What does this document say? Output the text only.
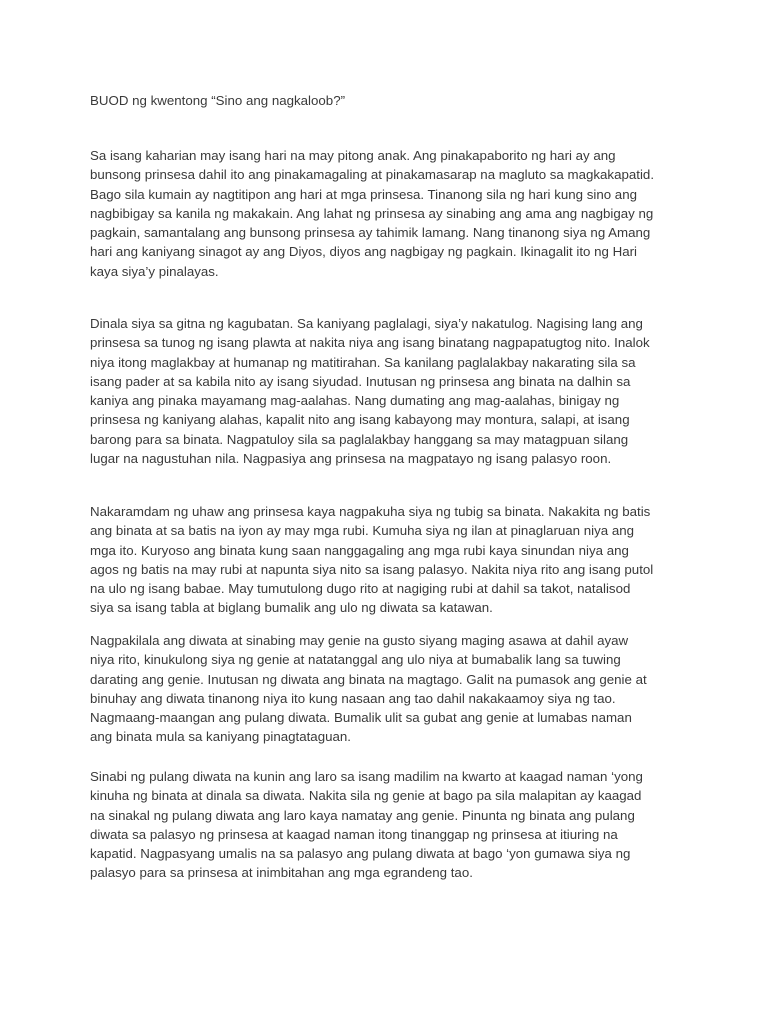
BUOD ng kwentong “Sino ang nagkaloob?”

Sa isang kaharian may isang hari na may pitong anak. Ang pinakapaborito ng hari ay ang
bunsong prinsesa dahil ito ang pinakamagaling at pinakamasarap na magluto sa magkakapatid.
Bago sila kumain ay nagtitipon ang hari at mga prinsesa. Tinanong sila ng hari kung sino ang
nagbibigay sa kanila ng makakain. Ang lahat ng prinsesa ay sinabing ang ama ang nagbigay ng
pagkain, samantalang ang bunsong prinsesa ay tahimik lamang. Nang tinanong siya ng Amang
hari ang kaniyang sinagot ay ang Diyos, diyos ang nagbigay ng pagkain. Ikinagalit ito ng Hari
kaya siya’y pinalayas.
Dinala siya sa gitna ng kagubatan. Sa kaniyang paglalagi, siya’y nakatulog. Nagising lang ang
prinsesa sa tunog ng isang plawta at nakita niya ang isang binatang nagpapatugtog nito. Inalok
niya itong maglakbay at humanap ng matitirahan. Sa kanilang paglalakbay nakarating sila sa
isang pader at sa kabila nito ay isang siyudad. Inutusan ng prinsesa ang binata na dalhin sa
kaniya ang pinaka mayamang mag-aalahas. Nang dumating ang mag-aalahas, binigay ng
prinsesa ng kaniyang alahas, kapalit nito ang isang kabayong may montura, salapi, at isang
barong para sa binata. Nagpatuloy sila sa paglalakbay hanggang sa may matagpuan silang
lugar na nagustuhan nila. Nagpasiya ang prinsesa na magpatayo ng isang palasyo roon.
Nakaramdam ng uhaw ang prinsesa kaya nagpakuha siya ng tubig sa binata. Nakakita ng batis
ang binata at sa batis na iyon ay may mga rubi. Kumuha siya ng ilan at pinaglaruan niya ang
mga ito. Kuryoso ang binata kung saan nanggagaling ang mga rubi kaya sinundan niya ang
agos ng batis na may rubi at napunta siya nito sa isang palasyo. Nakita niya rito ang isang putol
na ulo ng isang babae. May tumutulong dugo rito at nagiging rubi at dahil sa takot, natalisod
siya sa isang tabla at biglang bumalik ang ulo ng diwata sa katawan.
Nagpakilala ang diwata at sinabing may genie na gusto siyang maging asawa at dahil ayaw
niya rito, kinukulong siya ng genie at natatanggal ang ulo niya at bumabalik lang sa tuwing
darating ang genie. Inutusan ng diwata ang binata na magtago. Galit na pumasok ang genie at
binuhay ang diwata tinanong niya ito kung nasaan ang tao dahil nakakaamoy siya ng tao.
Nagmaang-maangan ang pulang diwata. Bumalik ulit sa gubat ang genie at lumabas naman
ang binata mula sa kaniyang pinagtataguan.
Sinabi ng pulang diwata na kunin ang laro sa isang madilim na kwarto at kaagad naman ‘yong
kinuha ng binata at dinala sa diwata. Nakita sila ng genie at bago pa sila malapitan ay kaagad
na sinakal ng pulang diwata ang laro kaya namatay ang genie. Pinunta ng binata ang pulang
diwata sa palasyo ng prinsesa at kaagad naman itong tinanggap ng prinsesa at itiuring na
kapatid. Nagpasyang umalis na sa palasyo ang pulang diwata at bago ‘yon gumawa siya ng
palasyo para sa prinsesa at inimbitahan ang mga egrandeng tao.
